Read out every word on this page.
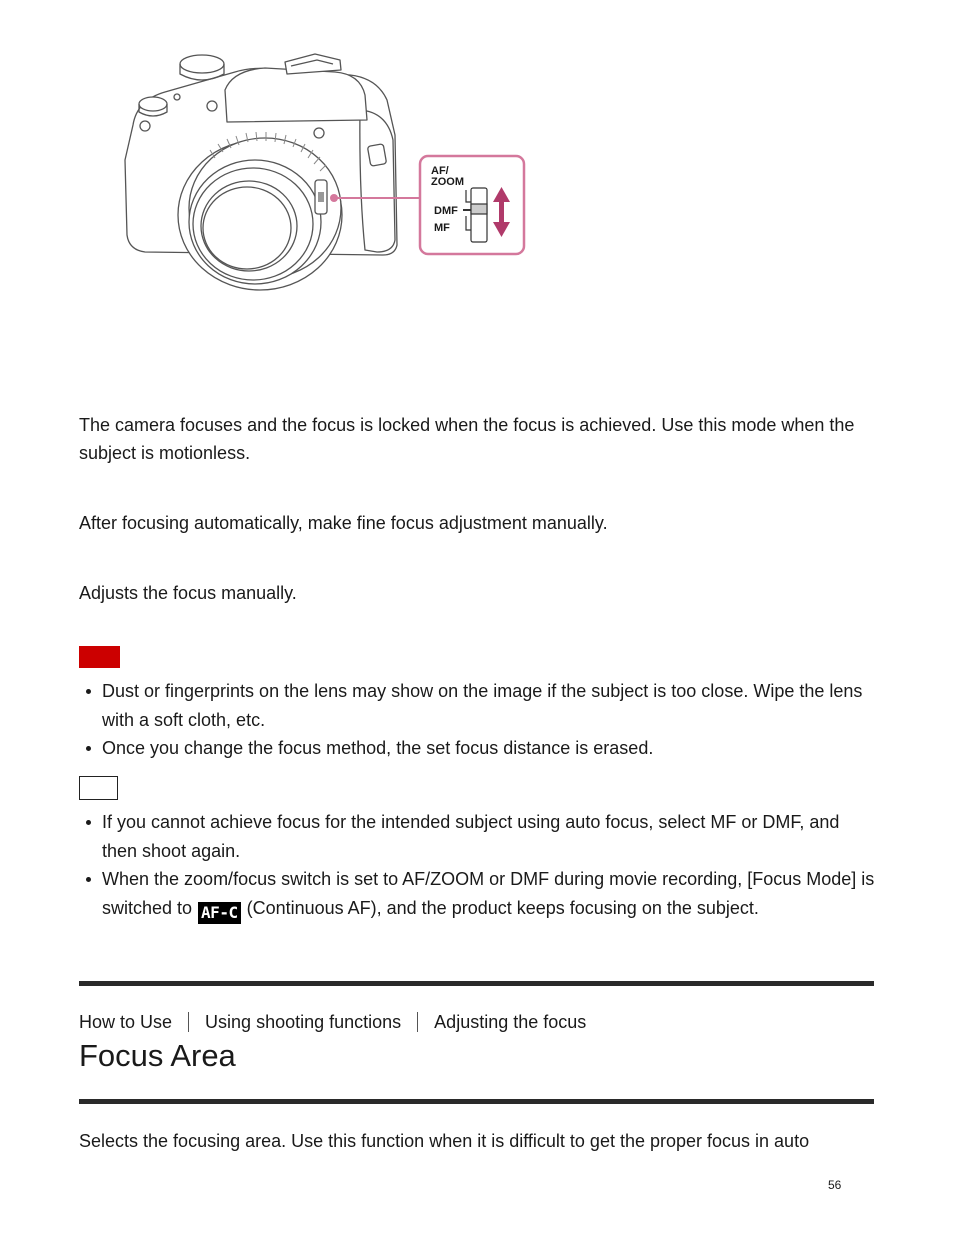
AF/
ZOOM
DMF
MF

The camera focuses and the focus is locked when the focus is achieved. Use this mode when the subject is motionless.

After focusing automatically, make fine focus adjustment manually.

Adjusts the focus manually.

Dust or fingerprints on the lens may show on the image if the subject is too close. Wipe the lens with a soft cloth, etc.
Once you change the focus method, the set focus distance is erased.
If you cannot achieve focus for the intended subject using auto focus, select MF or DMF, and then shoot again.
When the zoom/focus switch is set to AF/ZOOM or DMF during movie recording, [Focus Mode] is switched to AF-C (Continuous AF), and the product keeps focusing on the subject.
How to Use Using shooting functions Adjusting the focus
Focus Area

Selects the focusing area. Use this function when it is difficult to get the proper focus in auto

56
